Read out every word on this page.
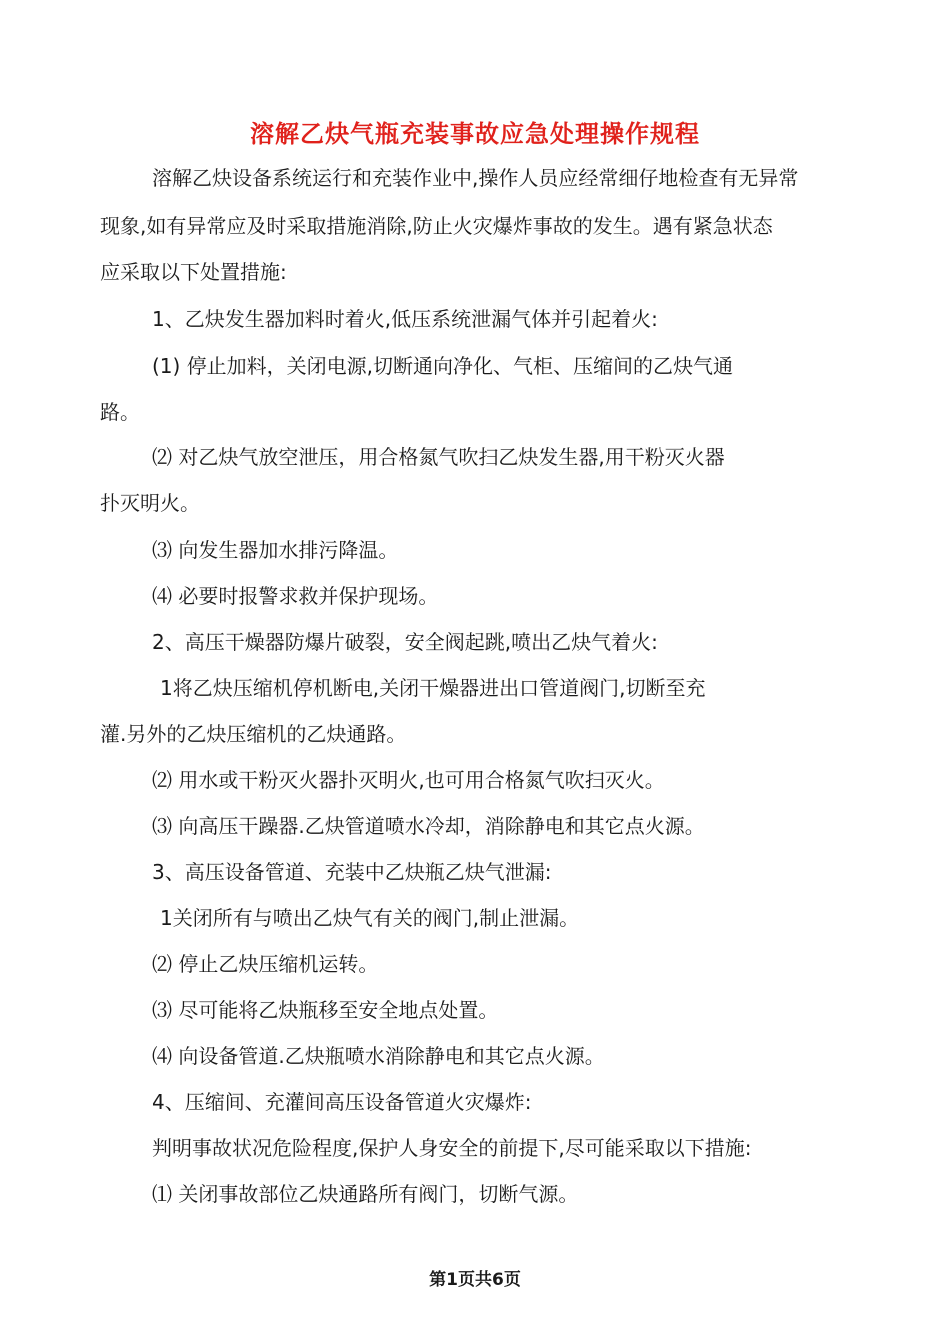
溶解乙炔气瓶充装事故应急处理操作规程
溶解乙炔设备系统运行和充装作业中,操作人员应经常细仔地检查有无异常
现象,如有异常应及时采取措施消除,防止火灾爆炸事故的发生。遇有紧急状态
应采取以下处置措施:
1、乙炔发生器加料时着火,低压系统泄漏气体并引起着火:
(1) 停止加料，关闭电源,切断通向净化、气柜、压缩间的乙炔气通
路。
⑵ 对乙炔气放空泄压，用合格氮气吹扫乙炔发生器,用干粉灭火器
扑灭明火。
⑶ 向发生器加水排污降温。
⑷ 必要时报警求救并保护现场。
2、高压干燥器防爆片破裂，安全阀起跳,喷出乙炔气着火:
1将乙炔压缩机停机断电,关闭干燥器进出口管道阀门,切断至充
灌.另外的乙炔压缩机的乙炔通路。
⑵ 用水或干粉灭火器扑灭明火,也可用合格氮气吹扫灭火。
⑶ 向高压干躁器.乙炔管道喷水冷却，消除静电和其它点火源。
3、高压设备管道、充装中乙炔瓶乙炔气泄漏:
1关闭所有与喷出乙炔气有关的阀门,制止泄漏。
⑵ 停止乙炔压缩机运转。
⑶ 尽可能将乙炔瓶移至安全地点处置。
⑷ 向设备管道.乙炔瓶喷水消除静电和其它点火源。
4、压缩间、充灌间高压设备管道火灾爆炸:
判明事故状况危险程度,保护人身安全的前提下,尽可能采取以下措施:
⑴ 关闭事故部位乙炔通路所有阀门，切断气源。
第1页共6页
